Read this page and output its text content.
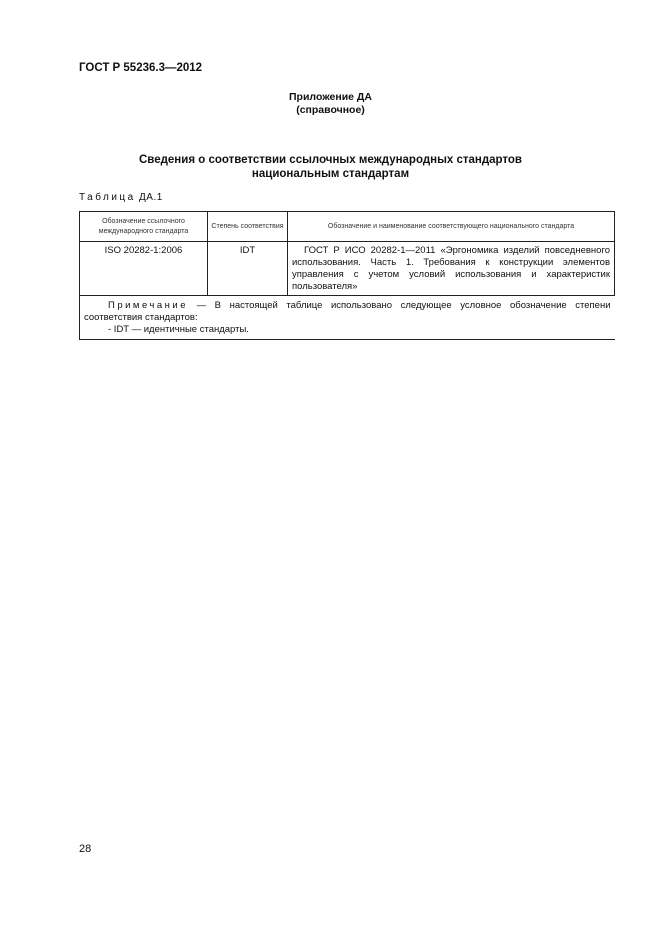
ГОСТ Р 55236.3—2012
Приложение ДА
(справочное)
Сведения о соответствии ссылочных международных стандартов
национальным стандартам
Таблица ДА.1
Обозначение ссылочного международного стандарта	Степень соответствия	Обозначение и наименование соответствующего национального стандарта
ISO 20282-1:2006	IDT	ГОСТ Р ИСО 20282-1—2011 «Эргономика изделий повседневного использования. Часть 1. Требования к конструкции элементов управления с учетом условий использования и характеристик пользователя»

Примечание — В настоящей таблице использовано следующее условное обозначение степени соответствия стандартов:
- IDT — идентичные стандарты.		
28
